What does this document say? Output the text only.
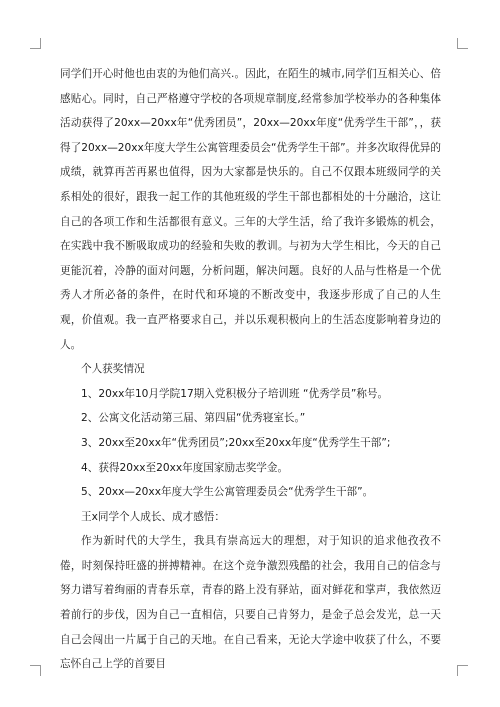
同学们开心时他也由衷的为他们高兴.。因此，在陌生的城市,同学们互相关心、倍感贴心。同时，自己严格遵守学校的各项规章制度,经常参加学校举办的各种集体活动获得了20xx—20xx年“优秀团员”，20xx—20xx年度“优秀学生干部”，，获得了20xx—20xx年度大学生公寓管理委员会“优秀学生干部”。并多次取得优异的成绩，就算再苦再累也值得，因为大家都是快乐的。自己不仅跟本班级同学的关系相处的很好，跟我一起工作的其他班级的学生干部也都相处的十分融洽，这让自己的各项工作和生活都很有意义。三年的大学生活，给了我许多锻炼的机会，在实践中我不断吸取成功的经验和失败的教训。与初为大学生相比，今天的自己更能沉着，冷静的面对问题，分析问题，解决问题。良好的人品与性格是一个优秀人才所必备的条件，在时代和环境的不断改变中，我逐步形成了自己的人生观，价值观。我一直严格要求自己，并以乐观积极向上的生活态度影响着身边的人。

个人获奖情况

1、20xx年10月学院17期入党积极分子培训班 “优秀学员”称号。

2、公寓文化活动第三届、第四届“优秀寝室长。”

3、20xx至20xx年“优秀团员”;20xx至20xx年度“优秀学生干部”;

4、获得20xx至20xx年度国家励志奖学金。

5、20xx—20xx年度大学生公寓管理委员会“优秀学生干部”。

王x同学个人成长、成才感悟：

作为新时代的大学生，我具有崇高远大的理想，对于知识的追求他孜孜不倦，时刻保持旺盛的拼搏精神。在这个竞争激烈残酷的社会，我用自己的信念与努力谱写着绚丽的青春乐章，青春的路上没有驿站，面对鲜花和掌声，我依然迈着前行的步伐，因为自己一直相信，只要自己肯努力，是金子总会发光，总一天自己会闯出一片属于自己的天地。在自己看来，无论大学途中收获了什么，不要忘怀自己上学的首要目
